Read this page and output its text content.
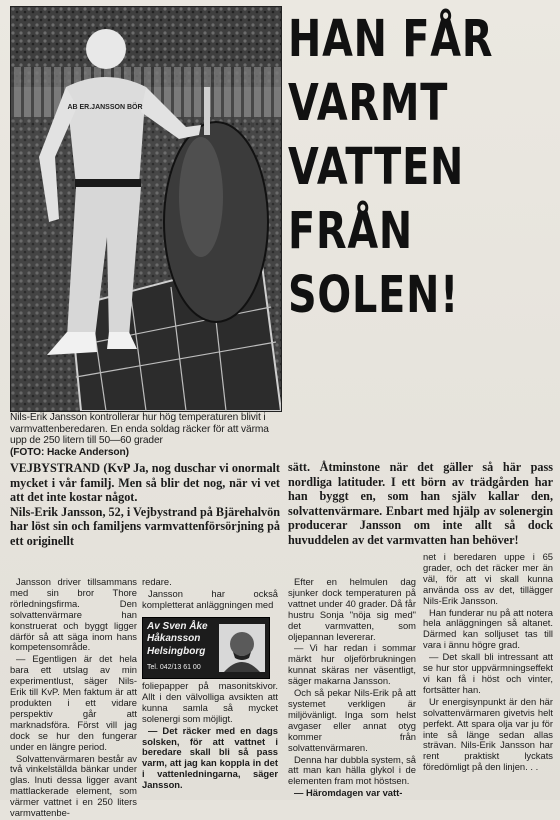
AB ER.JANSSON BÖR
Nils-Erik Jansson kontrollerar hur hög temperaturen blivit i varmvattenberedaren. En enda soldag räcker för att värma upp de 250 litern till 50—60 grader
(FOTO: Hacke Anderson)
HAN FÅR
VARMT
VATTEN
FRÅN
SOLEN!
VEJBYSTRAND (KvP Ja, nog duschar vi onormalt mycket i vår familj. Men så blir det nog, när vi vet att det inte kostar något.
Nils-Erik Jansson, 52, i Vejbystrand på Bjärehalvön har löst sin och familjens varmvattenförsörjning på ett originellt
sätt. Åtminstone när det gäller så här pass nordliga latituder. I ett börn av trädgården har han byggt en, som han själv kallar den, solvattenvärmare. Enbart med hjälp av solenergin producerar Jansson om inte allt så dock huvuddelen av det varmvatten han behöver!

Jansson driver tillsammans med sin bror Thore rörledningsfirma. Den solvattenvärmare han konstruerat och byggt ligger därför så att säga inom hans kompetensområde.

— Egentligen är det hela bara ett utslag av min experimentlust, säger Nils-Erik till KvP. Men faktum är att produkten i ett vidare perspektiv går att marknadsföra. Först vill jag dock se hur den fungerar under en längre period.

Solvattenvärmaren består av två vinkelställda bänkar under glas. Inuti dessa ligger avant mattlackerade element, som värmer vattnet i en 250 liters varmvattenbe-

redare.

Jansson har också kompletterat anläggningen med

Av Sven Åke
Håkansson
Helsingborg
Tel. 042/13 61 00

foliepapper på masonitskivor. Allt i den välvolliga avsikten att kunna samla så mycket solenergi som möjligt.

— Det räcker med en dags solsken, för att vattnet i beredare skall bli så pass varm, att jag kan koppla in det i vattenledningarna, säger Jansson.

Efter en helmulen dag sjunker dock temperaturen på vattnet under 40 grader. Då får hustru Sonja "nöja sig med" det varmvatten, som oljepannan levererar.

— Vi har redan i sommar märkt hur oljeförbrukningen kunnat skäras ner väsentligt, säger makarna Jansson.

Och så pekar Nils-Erik på att systemet verkligen är miljövänligt. Inga som helst avgaser eller annat otyg kommer från solvattenvärmaren.

Denna har dubbla system, så att man kan hälla glykol i de elementen fram mot höstsen.

— Häromdagen var vatt-

net i beredaren uppe i 65 grader, och det räcker mer än väl, för att vi skall kunna använda oss av det, tillägger Nils-Erik Jansson.

Han funderar nu på att notera hela anläggningen så altanet. Därmed kan solljuset tas till vara i ännu högre grad.

— Det skall bli intressant att se hur stor uppvärmningseffekt vi kan få i höst och vinter, fortsätter han.

Ur energisynpunkt är den här solvattenvärmaren givetvis helt perfekt. Att spara olja var ju för inte så länge sedan allas strävan. Nils-Erik Jansson har rent praktiskt lyckats föredömligt på den linjen. . .
